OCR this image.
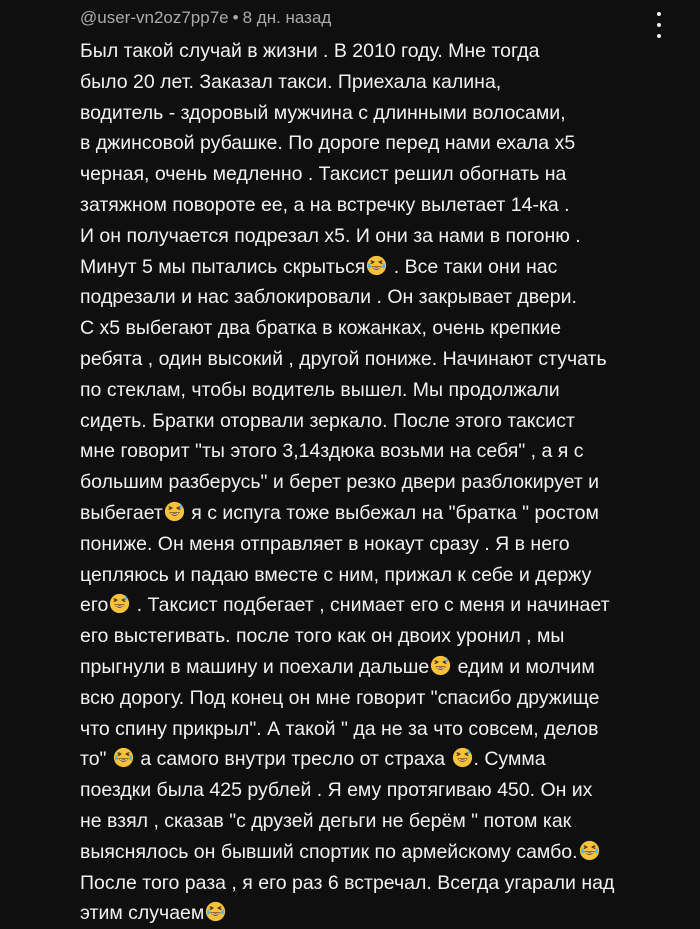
@user-vn2oz7pp7e • 8 дн. назад
Был такой случай в жизни . В 2010 году. Мне тогда
было 20 лет. Заказал такси. Приехала калина,
водитель - здоровый мужчина с длинными волосами,
в джинсовой рубашке. По дороге перед нами ехала х5
черная, очень медленно . Таксист решил обогнать на
затяжном повороте ее, а на встречку вылетает 14-ка .
И он получается подрезал х5. И они за нами в погоню .
Минут 5 мы пытались скрыться . Все таки они нас
подрезали и нас заблокировали . Он закрывает двери.
С х5 выбегают два братка в кожанках, очень крепкие
ребята , один высокий , другой пониже. Начинают стучать
по стеклам, чтобы водитель вышел. Мы продолжали
сидеть. Братки оторвали зеркало. После этого таксист
мне говорит "ты этого 3,14здюка возьми на себя" , а я с
большим разберусь" и берет резко двери разблокирует и
выбегает я с испуга тоже выбежал на "братка " ростом
пониже. Он меня отправляет в нокаут сразу . Я в него
цепляюсь и падаю вместе с ним, прижал к себе и держу
его . Таксист подбегает , снимает его с меня и начинает
его выстегивать. после того как он двоих уронил , мы
прыгнули в машину и поехали дальше едим и молчим
всю дорогу. Под конец он мне говорит "спасибо дружище
что спину прикрыл". А такой " да не за что совсем, делов
то"  а самого внутри тресло от страха . Сумма
поездки была 425 рублей . Я ему протягиваю 450. Он их
не взял , сказав "с друзей дегьги не берём " потом как
выяснялось он бывший спортик по армейскому самбо.
После того раза , я его раз 6 встречал. Всегда угарали над
этим случаем
